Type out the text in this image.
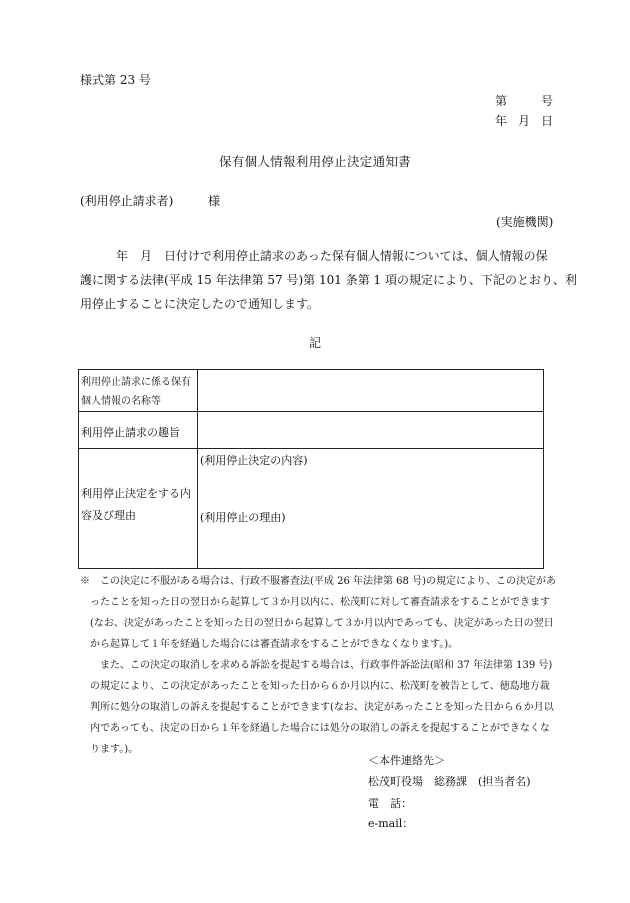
様式第 23 号
第	号
年 月 日
保有個人情報利用停止決定通知書
(利用停止請求者)	様
(実施機関)
　　　年　月　日付けで利用停止請求のあった保有個人情報については、個人情報の保
護に関する法律(平成 15 年法律第 57 号)第 101 条第 1 項の規定により、下記のとおり、利
用停止することに決定したので通知します。
記
利用停止請求に係る保有
個人情報の名称等	

利用停止請求の趣旨	

利用停止決定をする内
容及び理由	(利用停止決定の内容)
(利用停止の理由)
※　この決定に不服がある場合は、行政不服審査法(平成 26 年法律第 68 号)の規定により、この決定があ
　ったことを知った日の翌日から起算して３か月以内に、松茂町に対して審査請求をすることができます
　(なお、決定があったことを知った日の翌日から起算して３か月以内であっても、決定があった日の翌日
　から起算して１年を経過した場合には審査請求をすることができなくなります。)。
　　また、この決定の取消しを求める訴訟を提起する場合は、行政事件訴訟法(昭和 37 年法律第 139 号)
　の規定により、この決定があったことを知った日から６か月以内に、松茂町を被告として、徳島地方裁
　判所に処分の取消しの訴えを提起することができます(なお、決定があったことを知った日から６か月以
　内であっても、決定の日から１年を経過した場合には処分の取消しの訴えを提起することができなくな
　ります。)。
＜本件連絡先＞
松茂町役場　総務課　(担当者名)
電　話：
e-mail：
